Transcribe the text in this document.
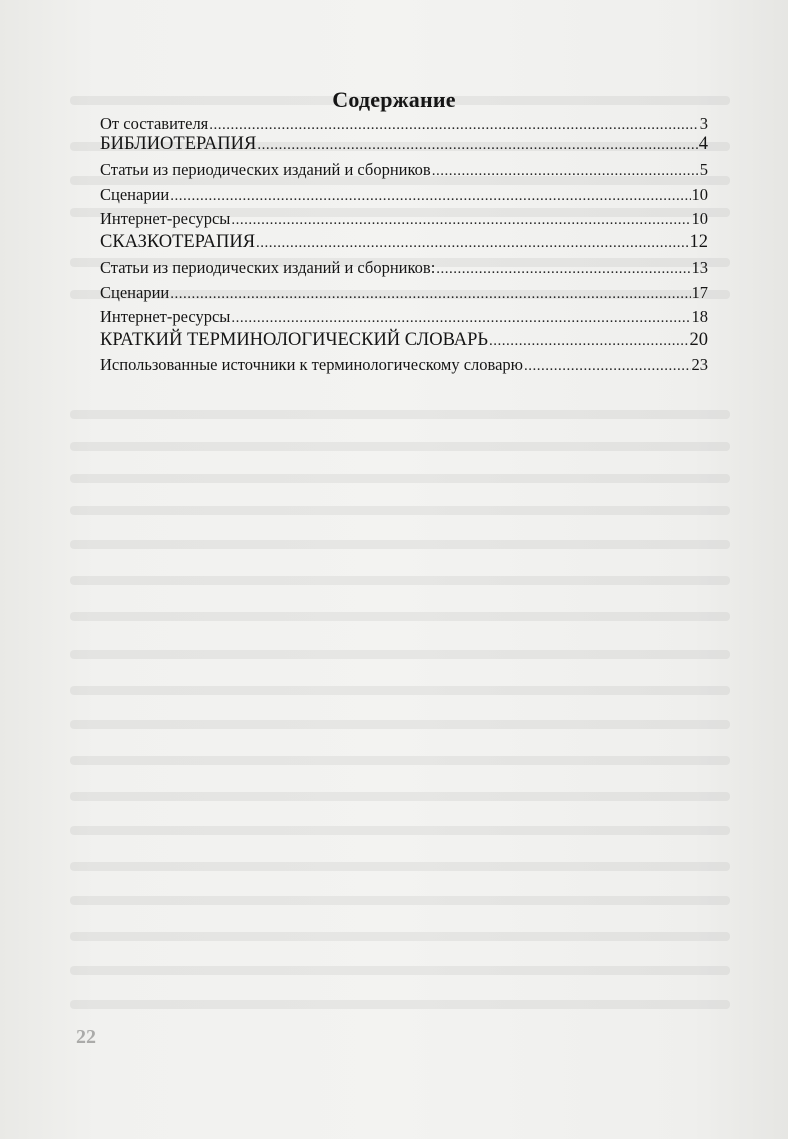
Содержание
От составителя .....	3
БИБЛИОТЕРАПИЯ .....	4
Статьи из периодических изданий и сборников .....	5
Сценарии .....	10
Интернет-ресурсы .....	10
СКАЗКОТЕРАПИЯ .....	12
Статьи из периодических изданий и сборников: .....	13
Сценарии .....	17
Интернет-ресурсы .....	18
КРАТКИЙ ТЕРМИНОЛОГИЧЕСКИЙ СЛОВАРЬ .....	20
Использованные источники к терминологическому словарю .....	23
22
